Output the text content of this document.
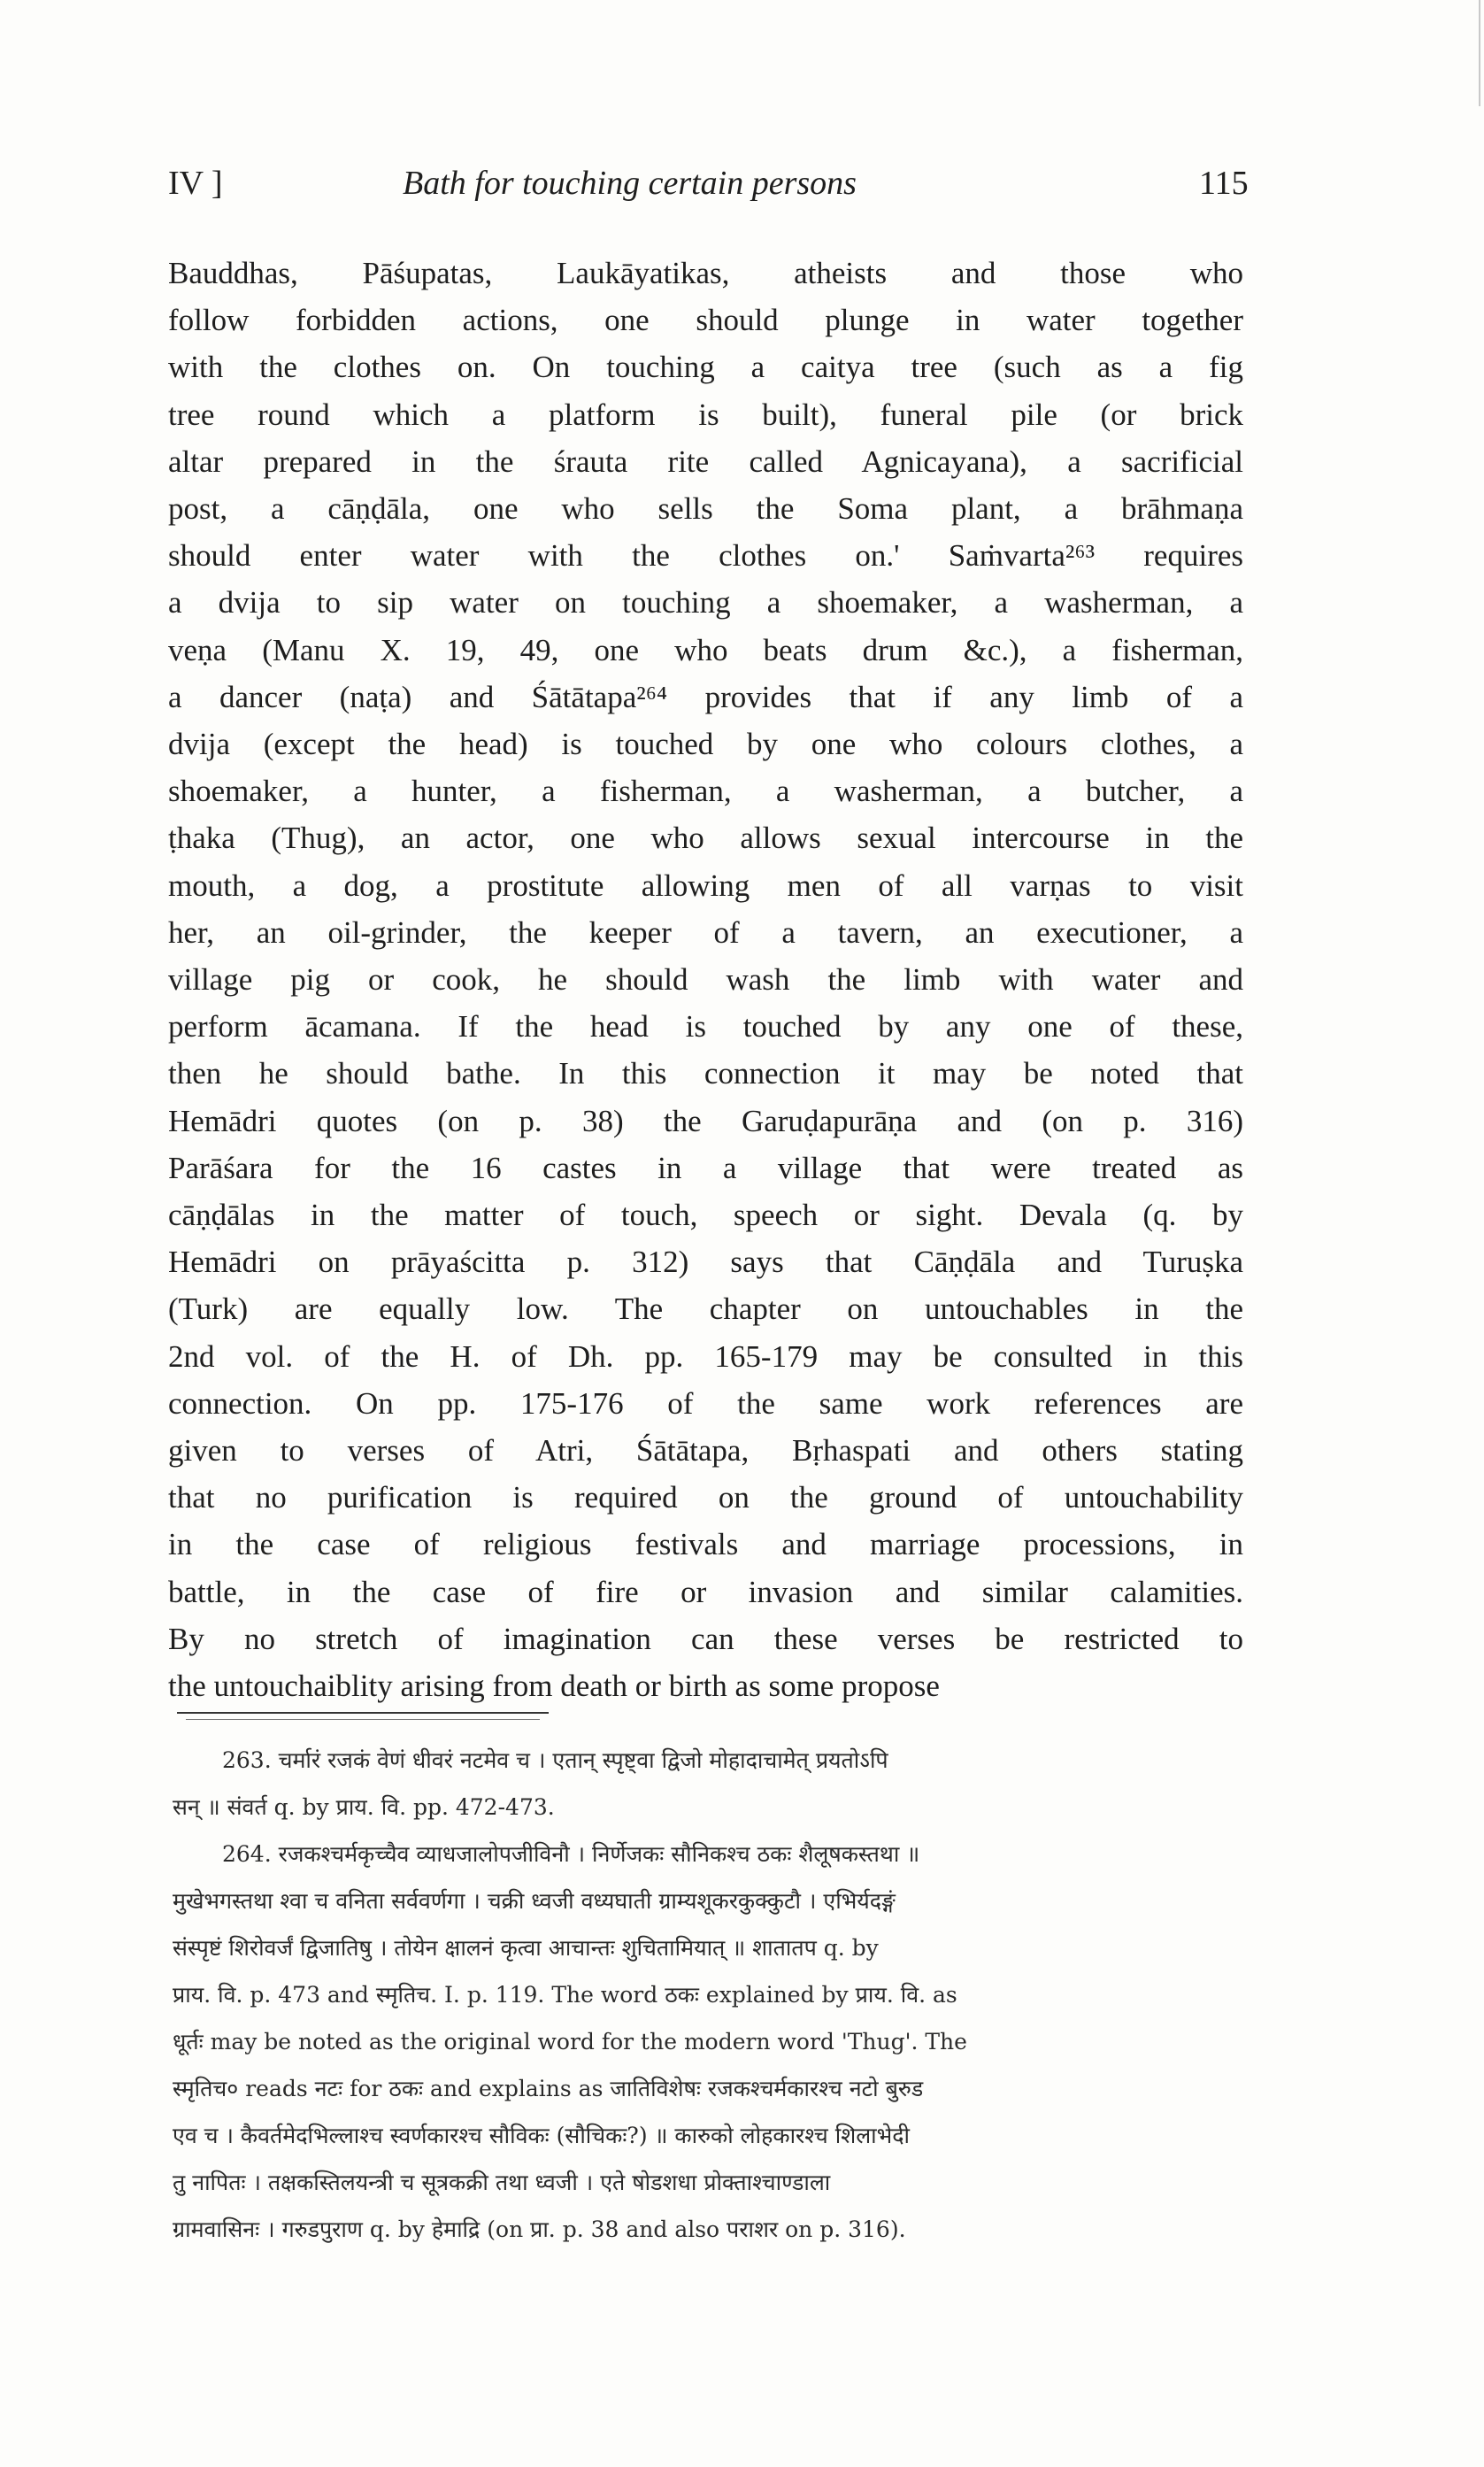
IV ]	Bath for touching certain persons	115
Bauddhas, Pāśupatas, Laukāyatikas, atheists and those who
follow forbidden actions, one should plunge in water together
with the clothes on. On touching a caitya tree (such as a fig
tree round which a platform is built), funeral pile (or brick
altar prepared in the śrauta rite called Agnicayana), a sacrificial
post, a cāṇḍāla, one who sells the Soma plant, a brāhmaṇa
should enter water with the clothes on.' Saṁvarta²⁶³ requires
a dvija to sip water on touching a shoemaker, a washerman, a
veṇa (Manu X. 19, 49, one who beats drum &c.), a fisherman,
a dancer (naṭa) and Śātātapa²⁶⁴ provides that if any limb of a
dvija (except the head) is touched by one who colours clothes, a
shoemaker, a hunter, a fisherman, a washerman, a butcher, a
ṭhaka (Thug), an actor, one who allows sexual intercourse in the
mouth, a dog, a prostitute allowing men of all varṇas to visit
her, an oil-grinder, the keeper of a tavern, an executioner, a
village pig or cook, he should wash the limb with water and
perform ācamana. If the head is touched by any one of these,
then he should bathe. In this connection it may be noted that
Hemādri quotes (on p. 38) the Garuḍapurāṇa and (on p. 316)
Parāśara for the 16 castes in a village that were treated as
cāṇḍālas in the matter of touch, speech or sight. Devala (q. by
Hemādri on prāyaścitta p. 312) says that Cāṇḍāla and Turuṣka
(Turk) are equally low. The chapter on untouchables in the
2nd vol. of the H. of Dh. pp. 165-179 may be consulted in this
connection. On pp. 175-176 of the same work references are
given to verses of Atri, Śātātapa, Bṛhaspati and others stating
that no purification is required on the ground of untouchability
in the case of religious festivals and marriage processions, in
battle, in the case of fire or invasion and similar calamities.
By no stretch of imagination can these verses be restricted to
the untouchaiblity arising from death or birth as some propose
263. चर्मारं रजकं वेणं धीवरं नटमेव च । एतान् स्पृष्ट्वा द्विजो मोहादाचामेत् प्रयतोऽपि
सन् ॥ संवर्त q. by प्राय. वि. pp. 472-473.
264. रजकश्चर्मकृच्चैव व्याधजालोपजीविनौ । निर्णेजकः सौनिकश्च ठकः शैलूषकस्तथा ॥
मुखेभगस्तथा श्वा च वनिता सर्ववर्णगा । चक्री ध्वजी वध्यघाती ग्राम्यशूकरकुक्कुटौ । एभिर्यदङ्गं
संस्पृष्टं शिरोवर्जं द्विजातिषु । तोयेन क्षालनं कृत्वा आचान्तः शुचितामियात् ॥ शातातप q. by
प्राय. वि. p. 473 and स्मृतिच. I. p. 119. The word ठकः explained by प्राय. वि. as
धूर्तः may be noted as the original word for the modern word 'Thug'. The
स्मृतिच० reads नटः for ठकः and explains as जातिविशेषः रजकश्चर्मकारश्च नटो बुरुड
एव च । कैवर्तमेदभिल्लाश्च स्वर्णकारश्च सौविकः (सौचिकः?) ॥ कारुको लोहकारश्च शिलाभेदी
तु नापितः । तक्षकस्तिलयन्त्री च सूत्रकक्री तथा ध्वजी । एते षोडशधा प्रोक्ताश्चाण्डाला
ग्रामवासिनः । गरुडपुराण q. by हेमाद्रि (on प्रा. p. 38 and also पराशर on p. 316).
